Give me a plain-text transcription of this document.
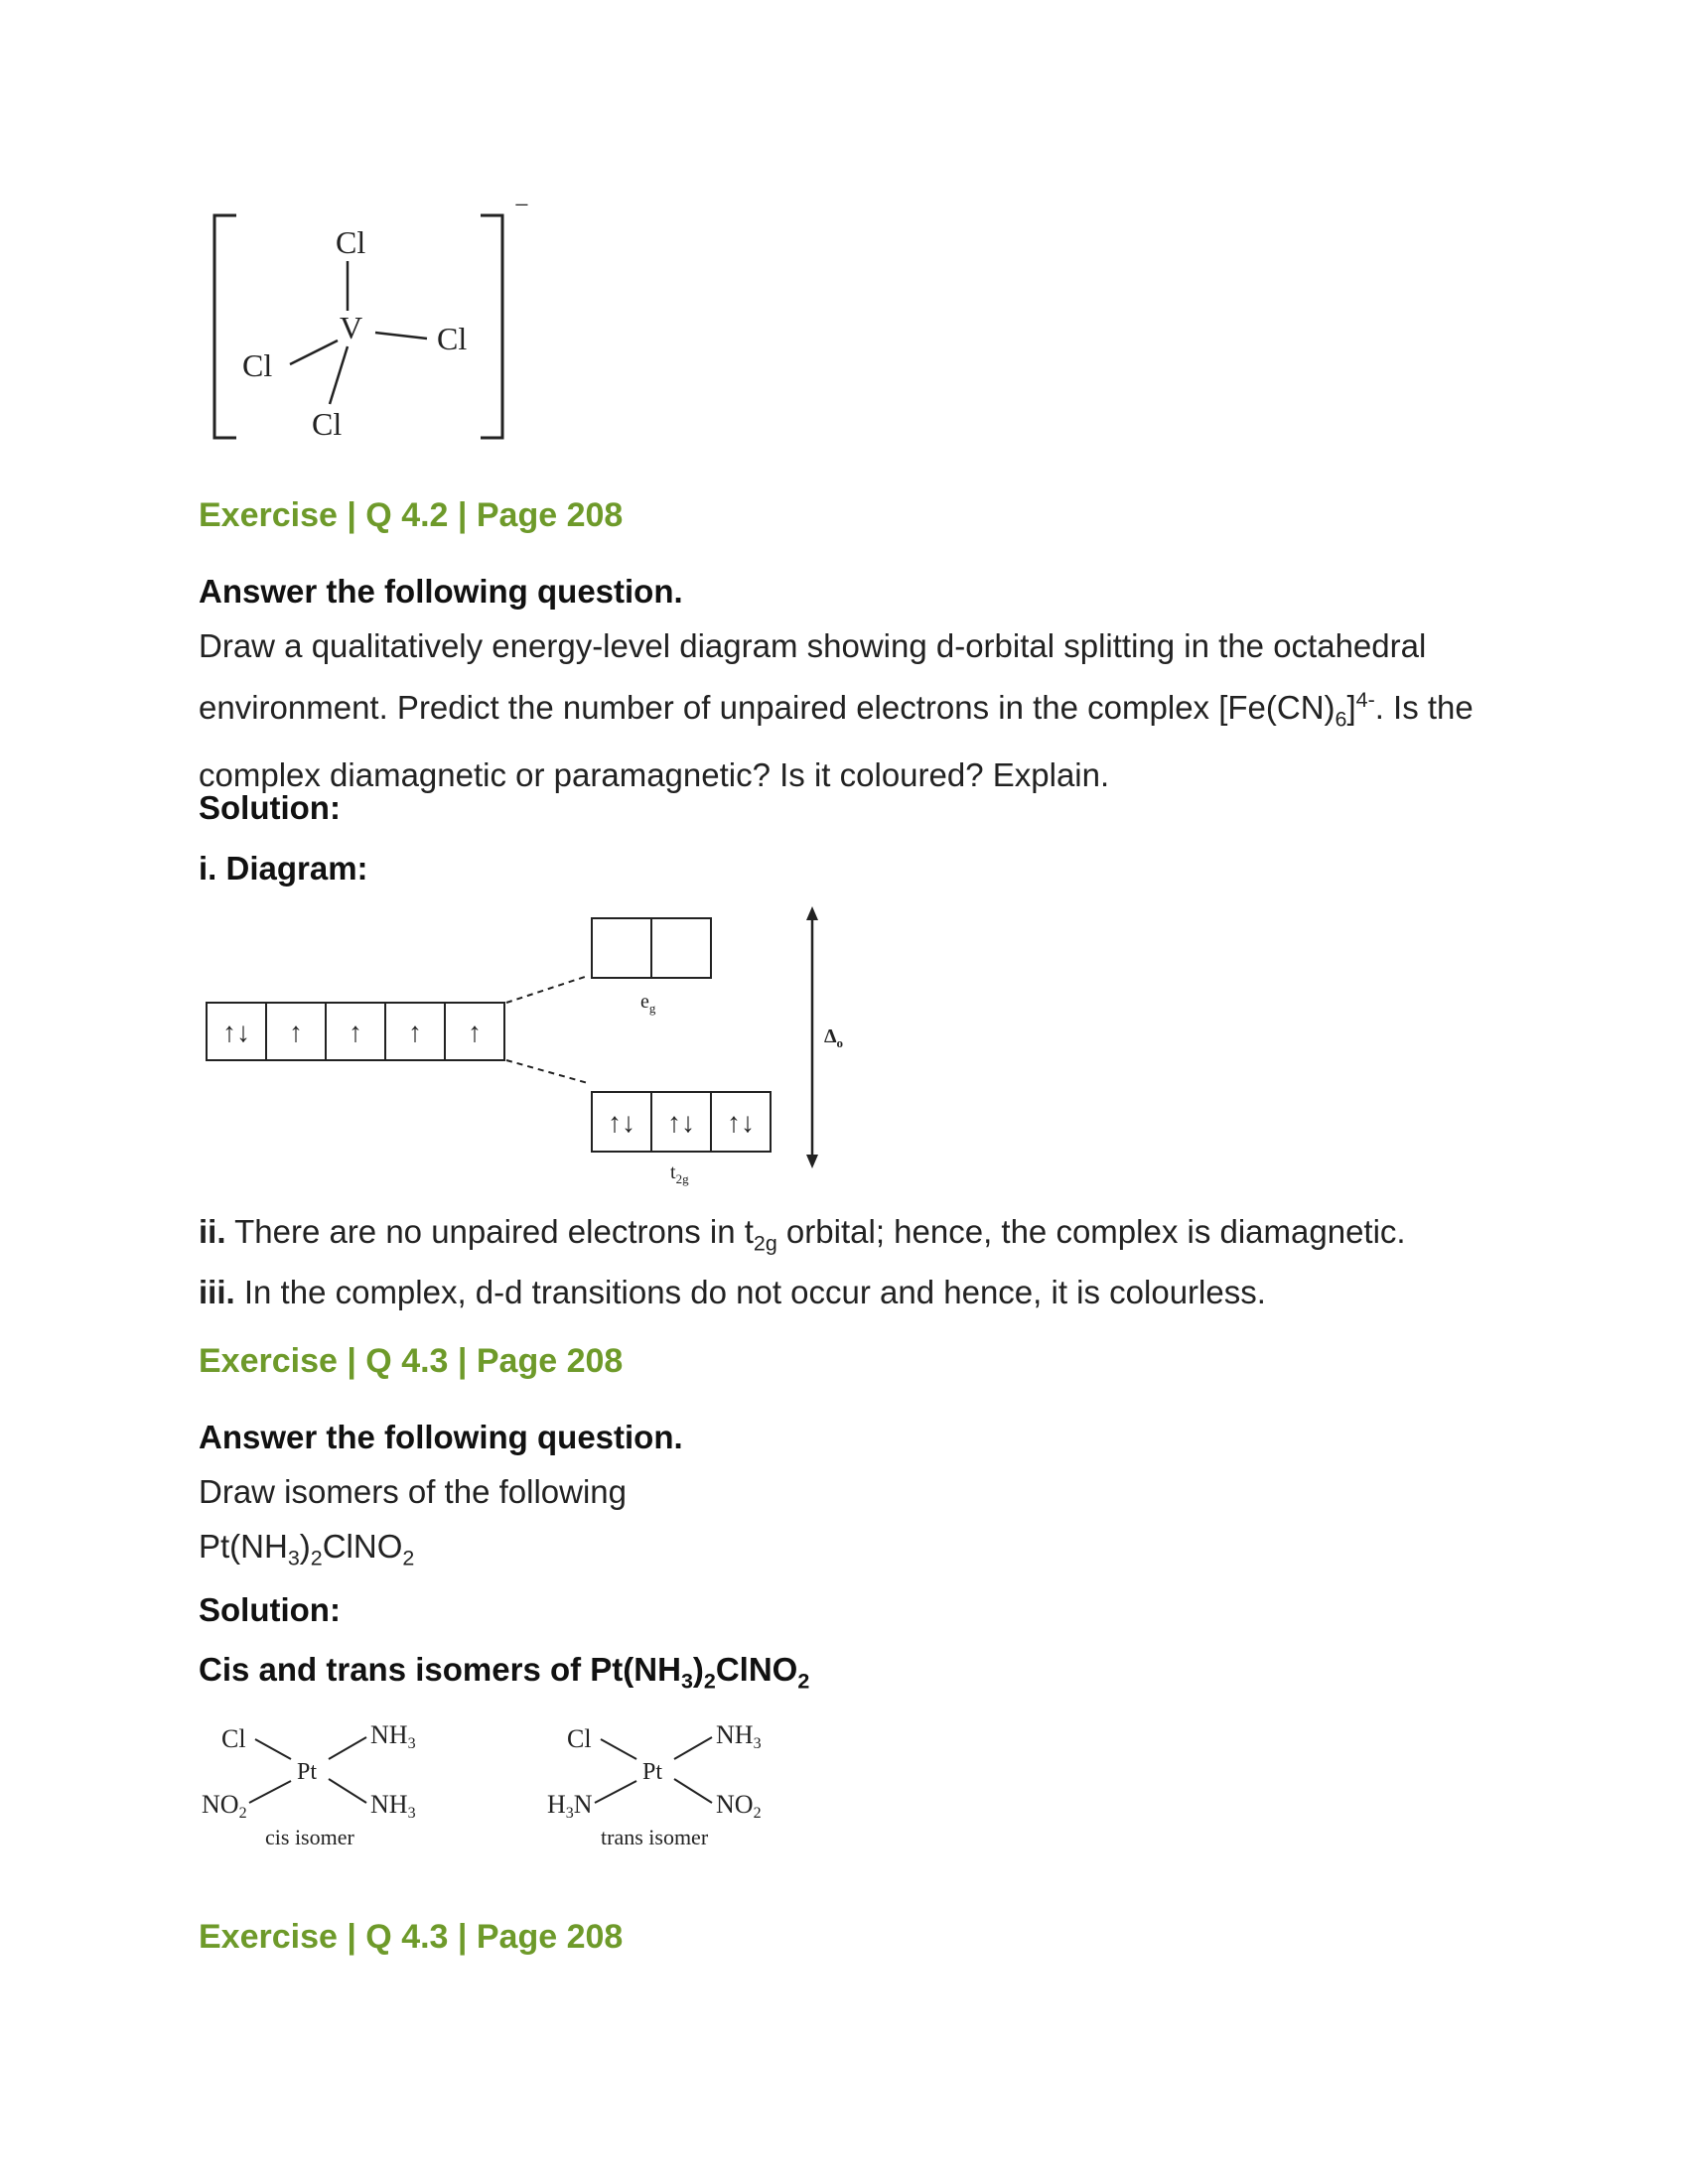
−
Cl
V Cl
Cl
Cl
Exercise | Q 4.2 | Page 208
Answer the following question.
Draw a qualitatively energy-level diagram showing d-orbital splitting in the octahedral environment. Predict the number of unpaired electrons in the complex $[Fe(CN)_6]^{4-}$. Is the complex diamagnetic or paramagnetic? Is it coloured? Explain.
Solution:
i. Diagram:
↑↓ ↑ ↑ ↑ ↑
$e_g$
↑↓ ↑↓ ↑↓
$t_{2g}$
$\Delta_o$
ii. There are no unpaired electrons in $t_{2g}$ orbital; hence, the complex is diamagnetic.
iii. In the complex, d-d transitions do not occur and hence, it is colourless.
Exercise | Q 4.3 | Page 208
Answer the following question.
Draw isomers of the following
$Pt(NH_3)_2ClNO_2$
Solution:
Cis and trans isomers of $Pt(NH_3)_2ClNO_2$
Cl	NH3
Pt
NO2	NH3
cis isomer
Cl	NH3
Pt
H3N	NO2
trans isomer
Exercise | Q 4.3 | Page 208
